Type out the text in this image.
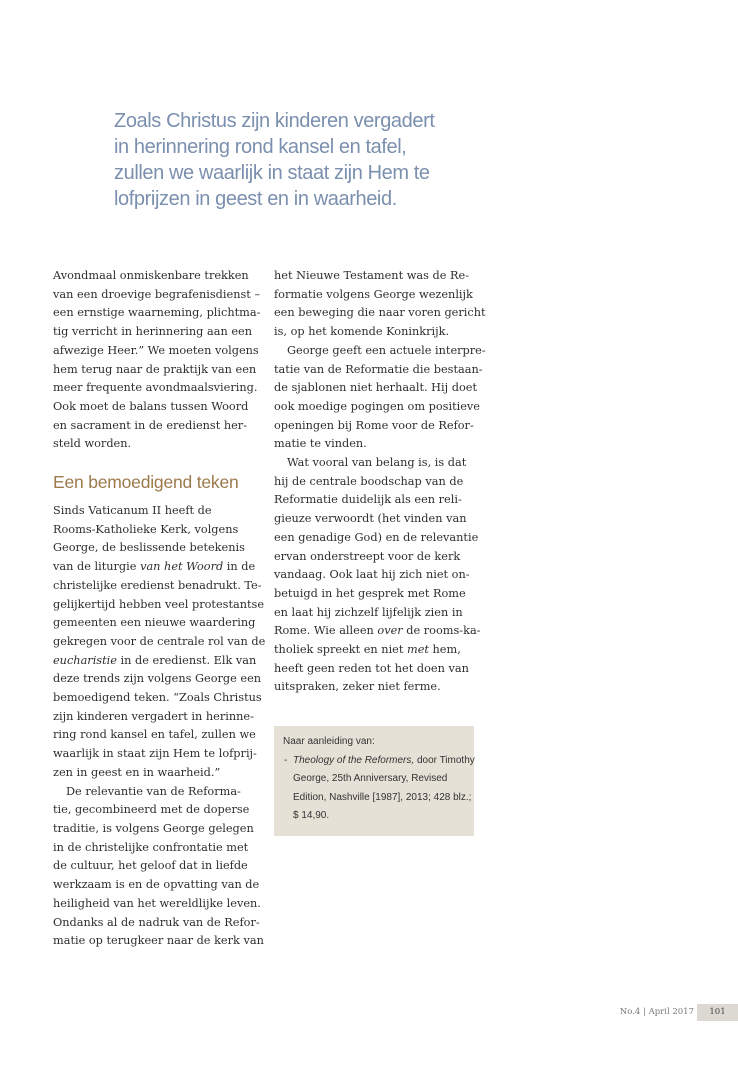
Zoals Christus zijn kinderen vergadert
in herinnering rond kansel en tafel,
zullen we waarlijk in staat zijn Hem te
lofprijzen in geest en in waarheid.
Avondmaal onmiskenbare trekken
van een droevige begrafenisdienst –
een ernstige waarneming, plichtma-
tig verricht in herinnering aan een
afwezige Heer.” We moeten volgens
hem terug naar de praktijk van een
meer frequente avondmaalsviering.
Ook moet de balans tussen Woord
en sacrament in de eredienst her-
steld worden.
Een bemoedigend teken
Sinds Vaticanum II heeft de
Rooms-Katholieke Kerk, volgens
George, de beslissende betekenis
van de liturgie van het Woord in de
christelijke eredienst benadrukt. Te-
gelijkertijd hebben veel protestantse
gemeenten een nieuwe waardering
gekregen voor de centrale rol van de
eucharistie in de eredienst. Elk van
deze trends zijn volgens George een
bemoedigend teken. “Zoals Christus
zijn kinderen vergadert in herinne-
ring rond kansel en tafel, zullen we
waarlijk in staat zijn Hem te lofprij-
zen in geest en in waarheid.”
De relevantie van de Reforma-
tie, gecombineerd met de doperse
traditie, is volgens George gelegen
in de christelijke confrontatie met
de cultuur, het geloof dat in liefde
werkzaam is en de opvatting van de
heiligheid van het wereldlijke leven.
Ondanks al de nadruk van de Refor-
matie op terugkeer naar de kerk van
het Nieuwe Testament was de Re-
formatie volgens George wezenlijk
een beweging die naar voren gericht
is, op het komende Koninkrijk.
George geeft een actuele interpre-
tatie van de Reformatie die bestaan-
de sjablonen niet herhaalt. Hij doet
ook moedige pogingen om positieve
openingen bij Rome voor de Refor-
matie te vinden.
Wat vooral van belang is, is dat
hij de centrale boodschap van de
Reformatie duidelijk als een reli-
gieuze verwoordt (het vinden van
een genadige God) en de relevantie
ervan onderstreept voor de kerk
vandaag. Ook laat hij zich niet on-
betuigd in het gesprek met Rome
en laat hij zichzelf lijfelijk zien in
Rome. Wie alleen over de rooms-ka-
tholiek spreekt en niet met hem,
heeft geen reden tot het doen van
uitspraken, zeker niet ferme.
Naar aanleiding van:
- Theology of the Reformers, door Timothy
George, 25th Anniversary, Revised
Edition, Nashville [1987], 2013; 428 blz.;
$ 14,90.
No.4 | April 2017	101
